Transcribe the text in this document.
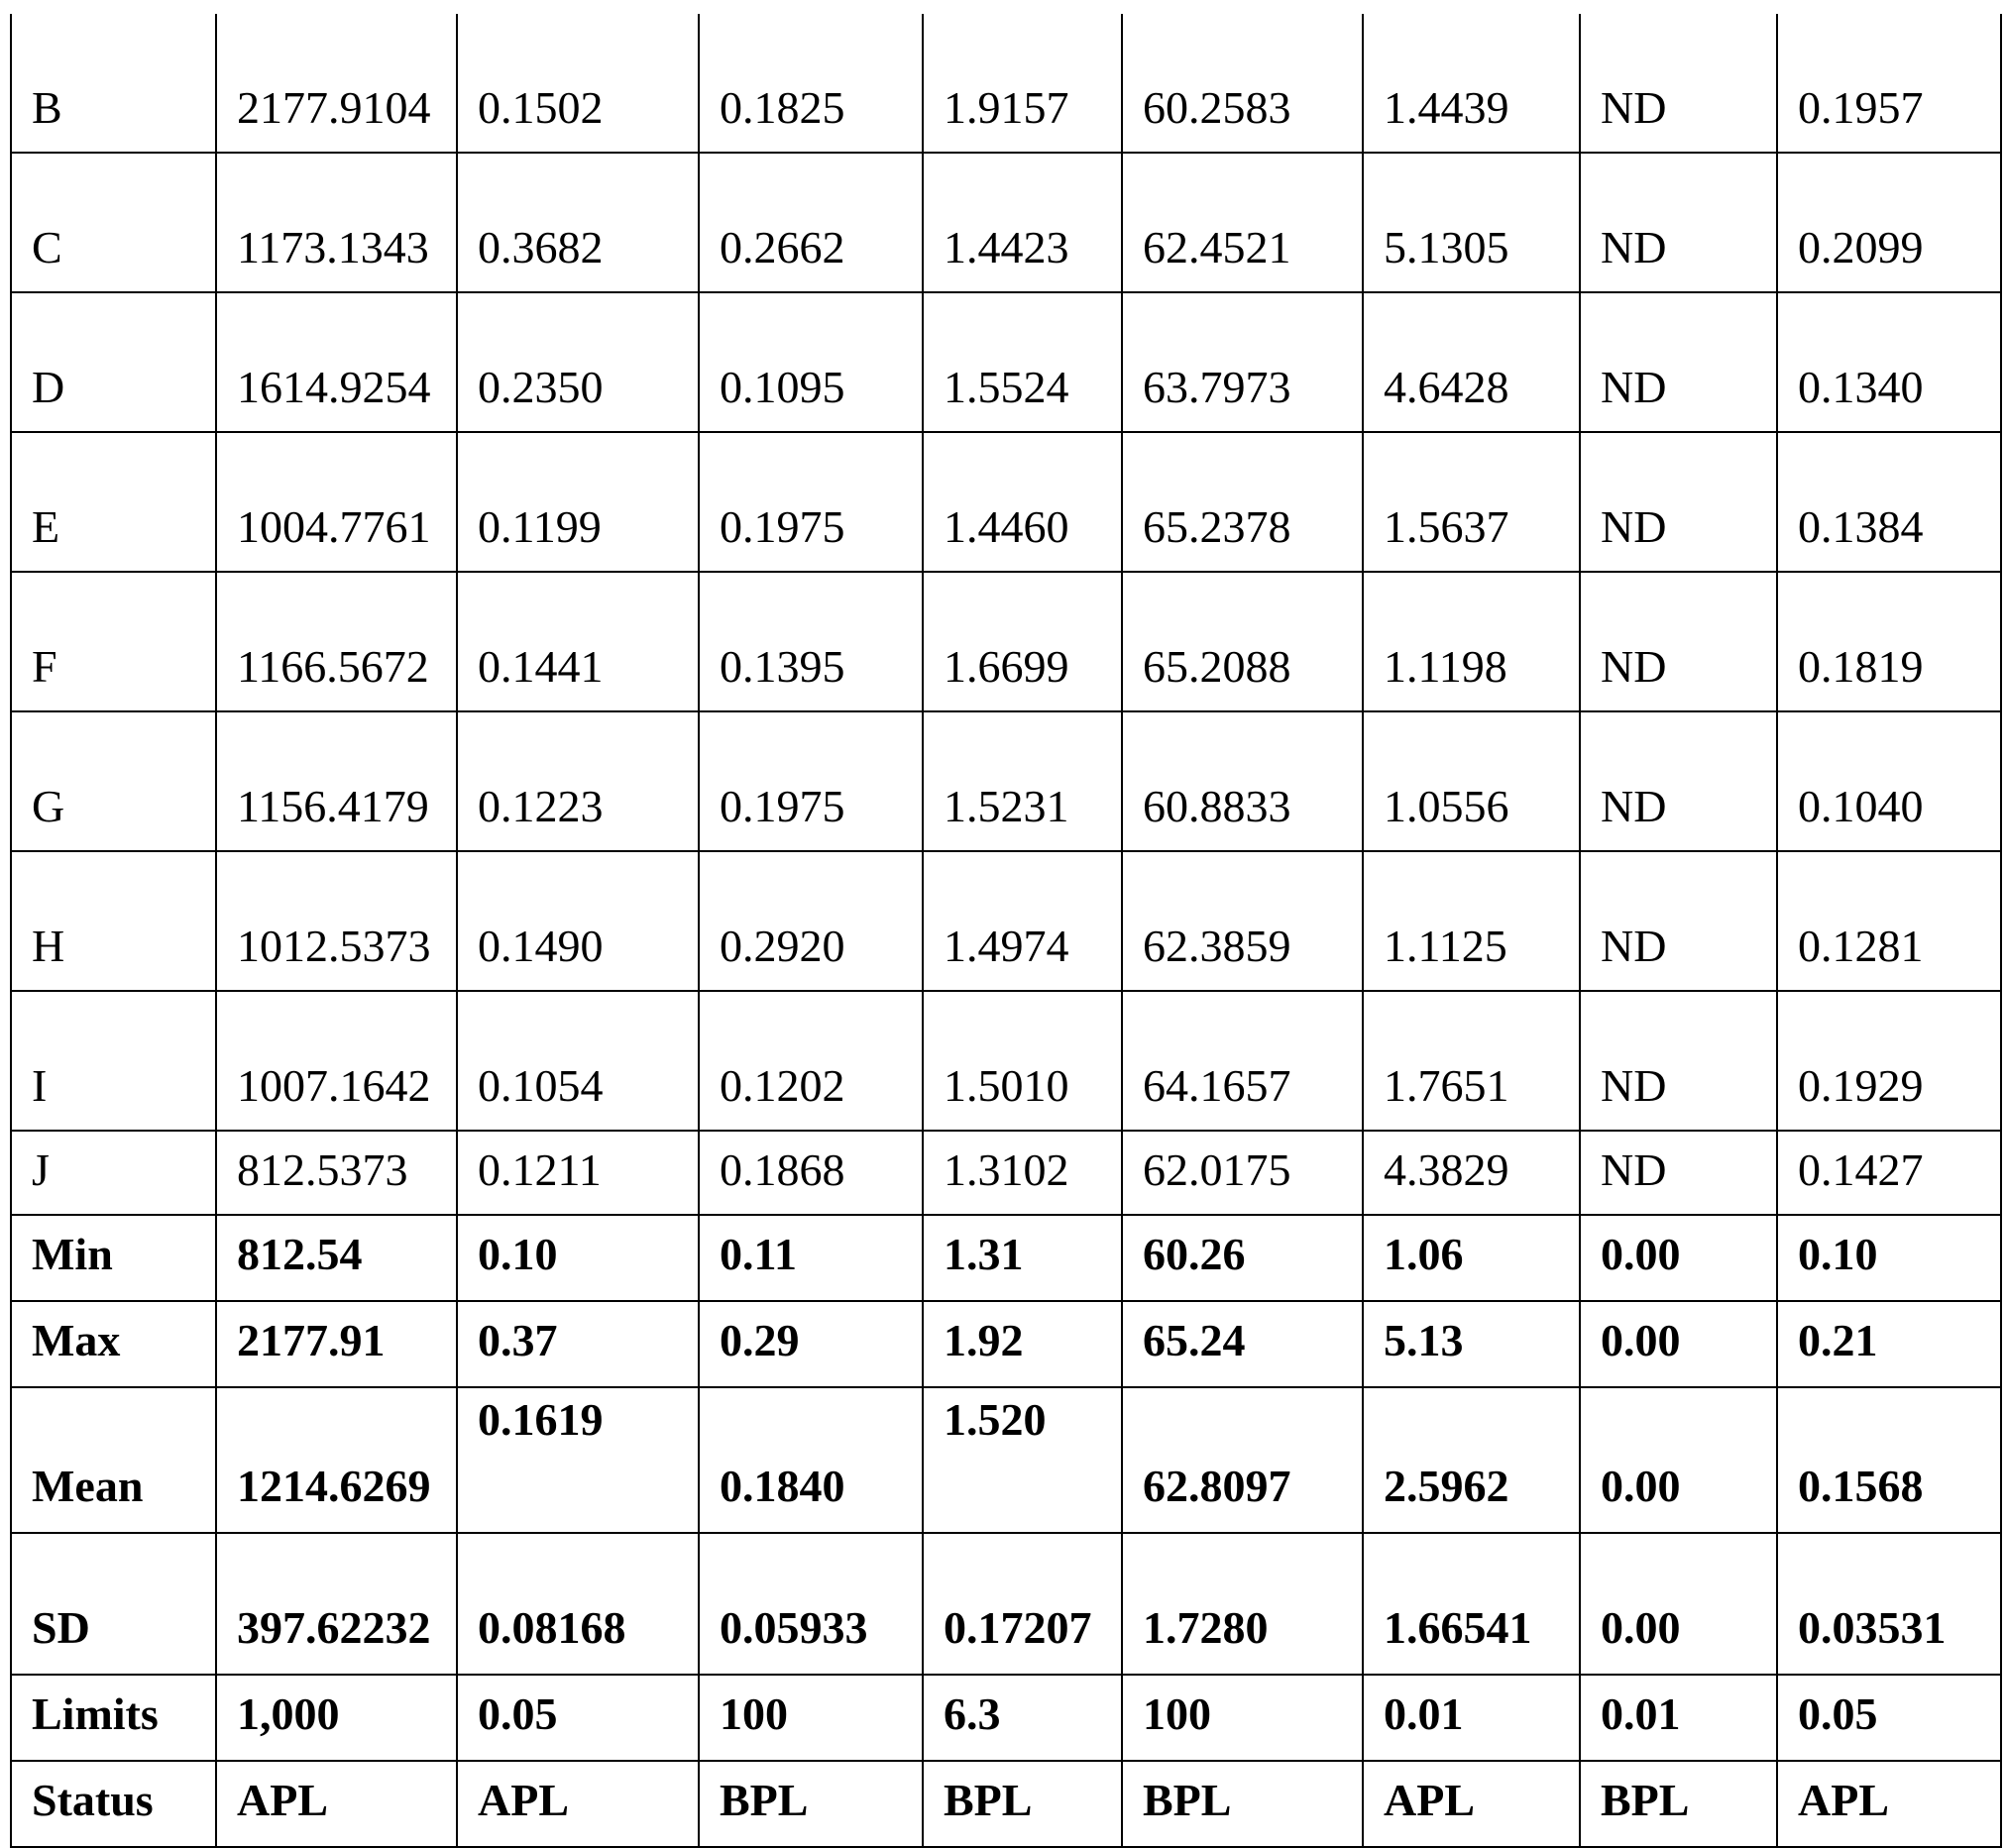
B	2177.9104	0.1502	0.1825	1.9157	60.2583	1.4439	ND	0.1957
C	1173.1343	0.3682	0.2662	1.4423	62.4521	5.1305	ND	0.2099
D	1614.9254	0.2350	0.1095	1.5524	63.7973	4.6428	ND	0.1340
E	1004.7761	0.1199	0.1975	1.4460	65.2378	1.5637	ND	0.1384
F	1166.5672	0.1441	0.1395	1.6699	65.2088	1.1198	ND	0.1819
G	1156.4179	0.1223	0.1975	1.5231	60.8833	1.0556	ND	0.1040
H	1012.5373	0.1490	0.2920	1.4974	62.3859	1.1125	ND	0.1281
I	1007.1642	0.1054	0.1202	1.5010	64.1657	1.7651	ND	0.1929
J	812.5373	0.1211	0.1868	1.3102	62.0175	4.3829	ND	0.1427
Min	812.54	0.10	0.11	1.31	60.26	1.06	0.00	0.10
Max	2177.91	0.37	0.29	1.92	65.24	5.13	0.00	0.21
Mean	1214.6269	0.1619	0.1840	1.520	62.8097	2.5962	0.00	0.1568
SD	397.62232	0.08168	0.05933	0.17207	1.7280	1.66541	0.00	0.03531
Limits	1,000	0.05	100	6.3	100	0.01	0.01	0.05
Status	APL	APL	BPL	BPL	BPL	APL	BPL	APL
